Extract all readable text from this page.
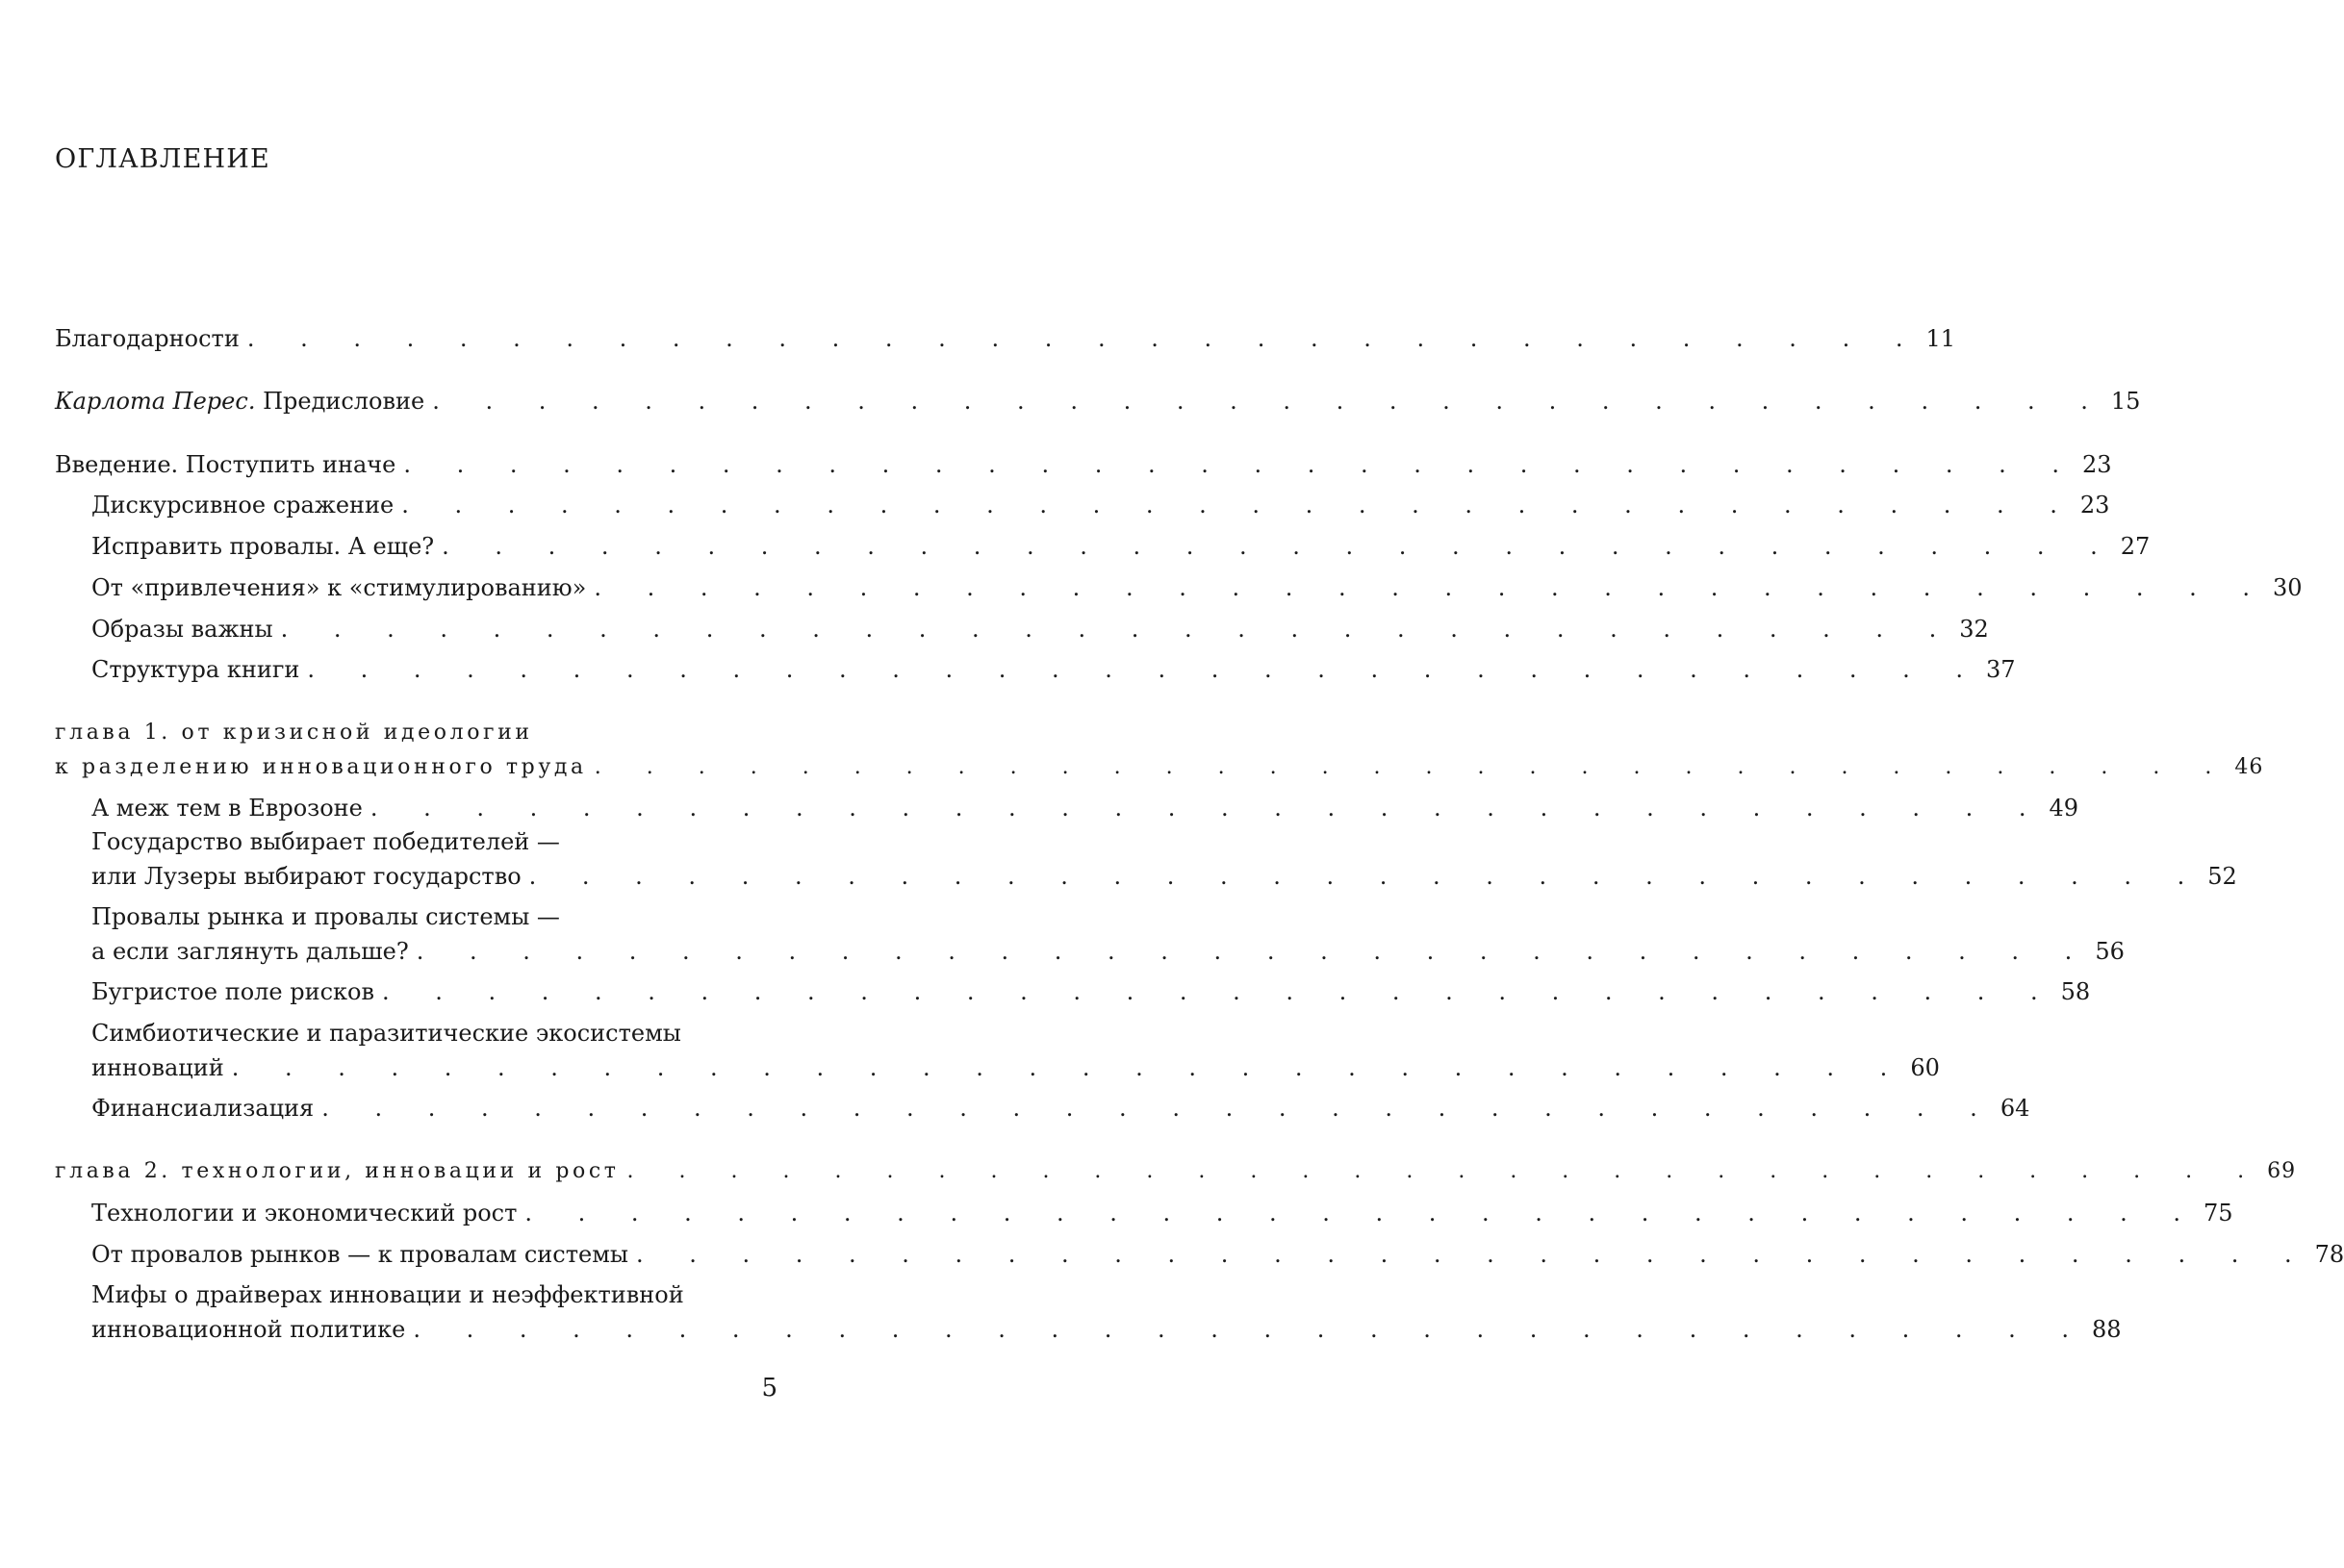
ОГЛАВЛЕНИЕ
Благодарности . . . . . . . . . . . . . . . . . . . . . . . . . . . . . . . . 11
Карлота Перес. Предисловие . . . . . . . . . . . . . . . . . . . . . . . . . . . . . . . . 15
Введение. Поступить иначе . . . . . . . . . . . . . . . . . . . . . . . . . . . . . . . . 23
Дискурсивное сражение . . . . . . . . . . . . . . . . . . . . . . . . . . . . . . . . 23
Исправить провалы. А еще? . . . . . . . . . . . . . . . . . . . . . . . . . . . . . . . . 27
От «привлечения» к «стимулированию» . . . . . . . . . . . . . . . . . . . . . . . . . . . . . . . . 30
Образы важны . . . . . . . . . . . . . . . . . . . . . . . . . . . . . . . . 32
Структура книги . . . . . . . . . . . . . . . . . . . . . . . . . . . . . . . . 37
глава 1. от кризисной идеологии
к разделению инновационного труда . . . . . . . . . . . . . . . . . . . . . . . . . . . . . . . . 46
А меж тем в Еврозоне . . . . . . . . . . . . . . . . . . . . . . . . . . . . . . . . 49
Государство выбирает победителей —
или Лузеры выбирают государство . . . . . . . . . . . . . . . . . . . . . . . . . . . . . . . . 52
Провалы рынка и провалы системы —
а если заглянуть дальше? . . . . . . . . . . . . . . . . . . . . . . . . . . . . . . . . 56
Бугристое поле рисков . . . . . . . . . . . . . . . . . . . . . . . . . . . . . . . . 58
Симбиотические и паразитические экосистемы
инноваций . . . . . . . . . . . . . . . . . . . . . . . . . . . . . . . . 60
Финансиализация . . . . . . . . . . . . . . . . . . . . . . . . . . . . . . . . 64
глава 2. технологии, инновации и рост . . . . . . . . . . . . . . . . . . . . . . . . . . . . . . . . 69
Технологии и экономический рост . . . . . . . . . . . . . . . . . . . . . . . . . . . . . . . . 75
От провалов рынков — к провалам системы . . . . . . . . . . . . . . . . . . . . . . . . . . . . . . . . 78
Мифы о драйверах инновации и неэффективной
инновационной политике . . . . . . . . . . . . . . . . . . . . . . . . . . . . . . . . 88
5
